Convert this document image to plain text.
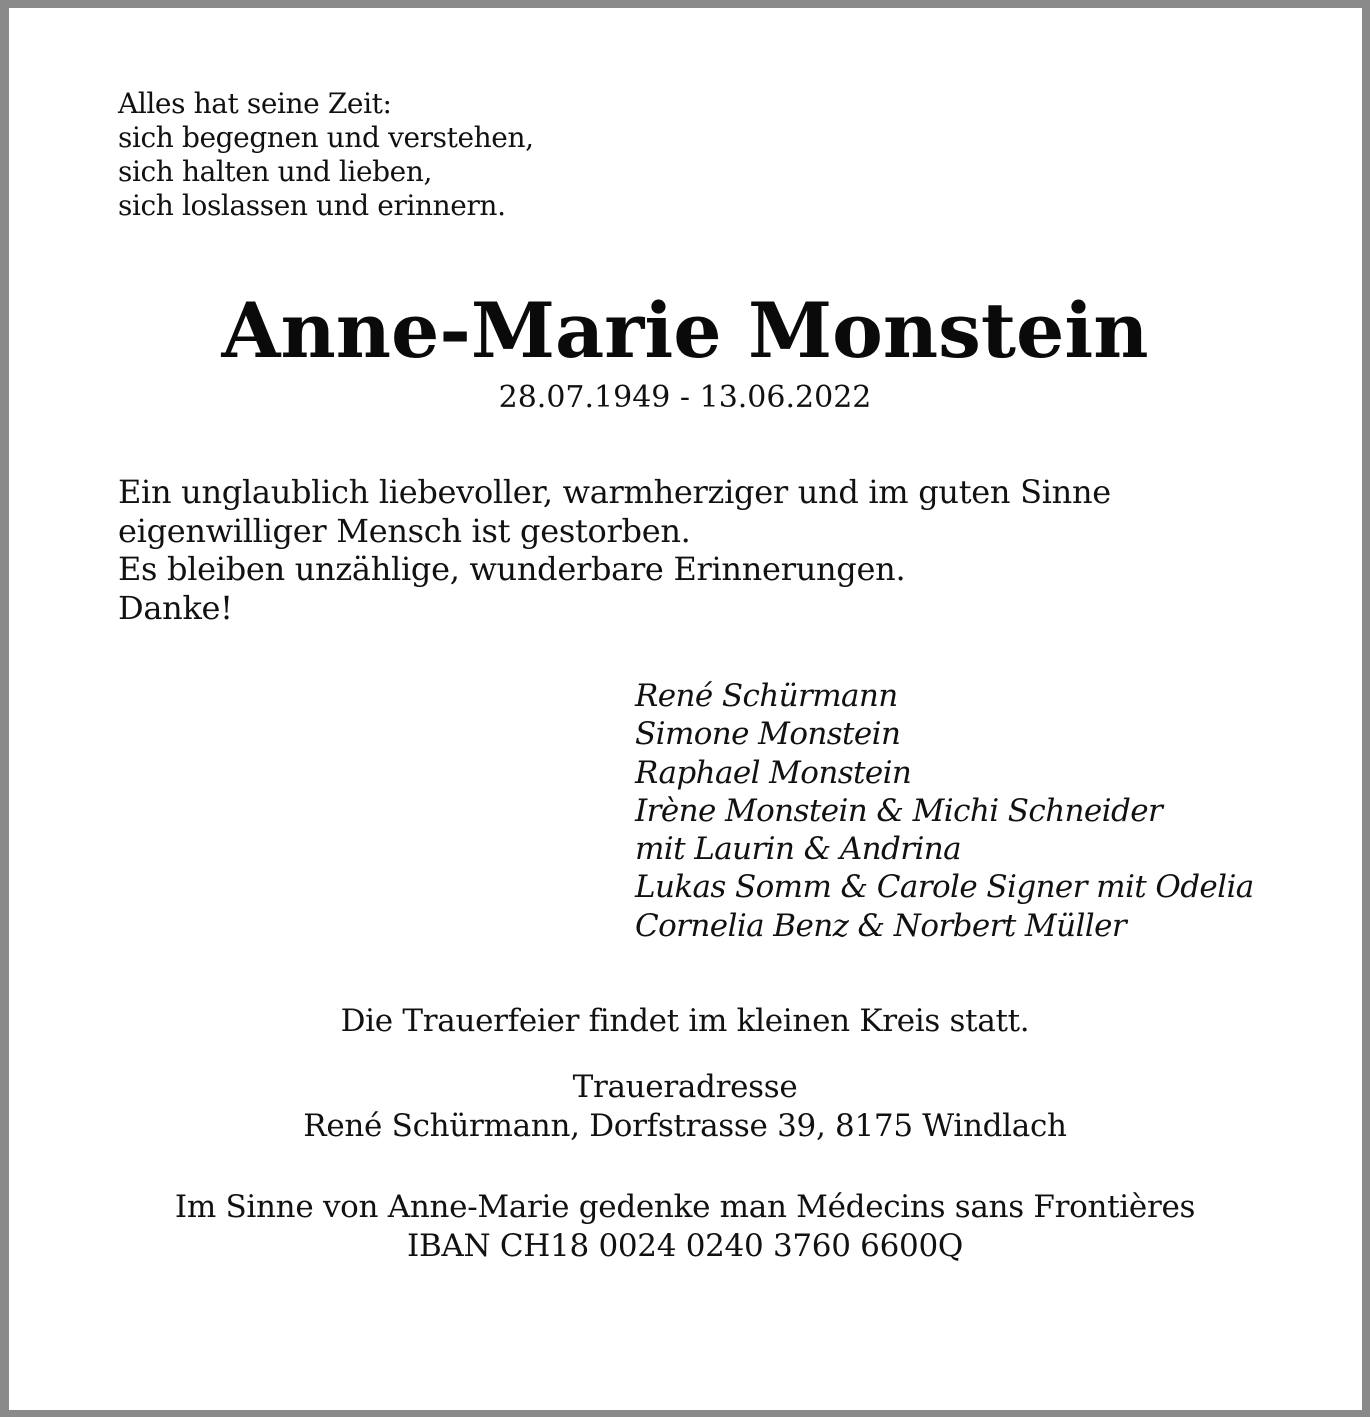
Alles hat seine Zeit:
sich begegnen und verstehen,
sich halten und lieben,
sich loslassen und erinnern.
Anne-Marie Monstein
28.07.1949 - 13.06.2022
Ein unglaublich liebevoller, warmherziger und im guten Sinne
eigenwilliger Mensch ist gestorben.
Es bleiben unzählige, wunderbare Erinnerungen.
Danke!
René Schürmann
Simone Monstein
Raphael Monstein
Irène Monstein & Michi Schneider
mit Laurin & Andrina
Lukas Somm & Carole Signer mit Odelia
Cornelia Benz & Norbert Müller
Die Trauerfeier findet im kleinen Kreis statt.
Traueradresse
René Schürmann, Dorfstrasse 39, 8175 Windlach
Im Sinne von Anne-Marie gedenke man Médecins sans Frontières
IBAN CH18 0024 0240 3760 6600Q
